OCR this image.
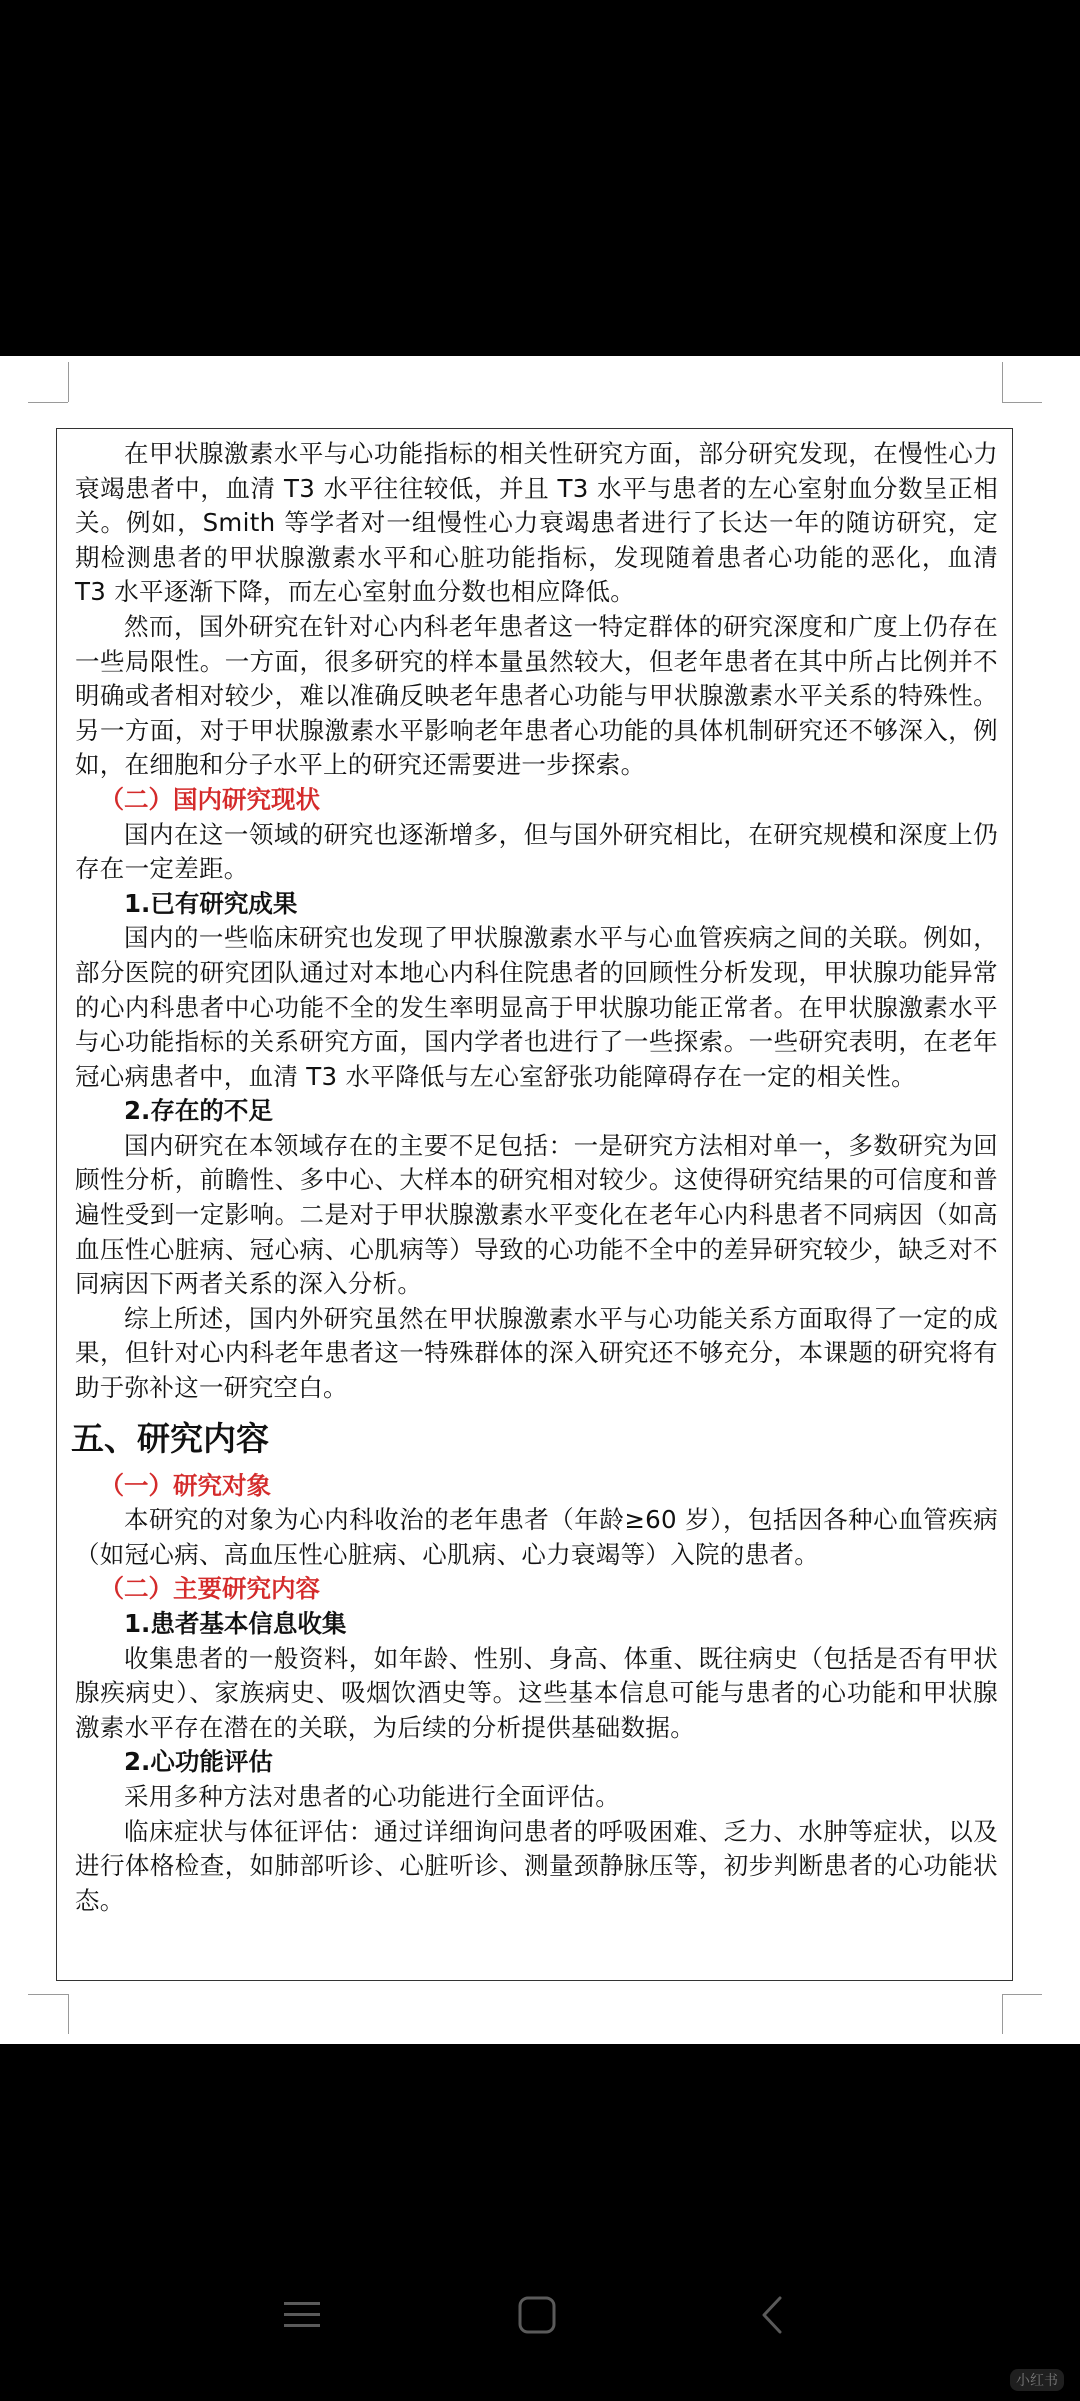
在甲状腺激素水平与心功能指标的相关性研究方面，部分研究发现，在慢性心力衰竭患者中，血清 T3 水平往往较低，并且 T3 水平与患者的左心室射血分数呈正相关。例如，Smith 等学者对一组慢性心力衰竭患者进行了长达一年的随访研究，定期检测患者的甲状腺激素水平和心脏功能指标，发现随着患者心功能的恶化，血清 T3 水平逐渐下降，而左心室射血分数也相应降低。

然而，国外研究在针对心内科老年患者这一特定群体的研究深度和广度上仍存在一些局限性。一方面，很多研究的样本量虽然较大，但老年患者在其中所占比例并不明确或者相对较少，难以准确反映老年患者心功能与甲状腺激素水平关系的特殊性。另一方面，对于甲状腺激素水平影响老年患者心功能的具体机制研究还不够深入，例如，在细胞和分子水平上的研究还需要进一步探索。

（二）国内研究现状

国内在这一领域的研究也逐渐增多，但与国外研究相比，在研究规模和深度上仍存在一定差距。

1.已有研究成果

国内的一些临床研究也发现了甲状腺激素水平与心血管疾病之间的关联。例如，部分医院的研究团队通过对本地心内科住院患者的回顾性分析发现，甲状腺功能异常的心内科患者中心功能不全的发生率明显高于甲状腺功能正常者。在甲状腺激素水平与心功能指标的关系研究方面，国内学者也进行了一些探索。一些研究表明，在老年冠心病患者中，血清 T3 水平降低与左心室舒张功能障碍存在一定的相关性。

2.存在的不足

国内研究在本领域存在的主要不足包括：一是研究方法相对单一，多数研究为回顾性分析，前瞻性、多中心、大样本的研究相对较少。这使得研究结果的可信度和普遍性受到一定影响。二是对于甲状腺激素水平变化在老年心内科患者不同病因（如高血压性心脏病、冠心病、心肌病等）导致的心功能不全中的差异研究较少，缺乏对不同病因下两者关系的深入分析。

综上所述，国内外研究虽然在甲状腺激素水平与心功能关系方面取得了一定的成果，但针对心内科老年患者这一特殊群体的深入研究还不够充分，本课题的研究将有助于弥补这一研究空白。

五、研究内容

（一）研究对象

本研究的对象为心内科收治的老年患者（年龄≥60 岁），包括因各种心血管疾病（如冠心病、高血压性心脏病、心肌病、心力衰竭等）入院的患者。

（二）主要研究内容

1.患者基本信息收集

收集患者的一般资料，如年龄、性别、身高、体重、既往病史（包括是否有甲状腺疾病史）、家族病史、吸烟饮酒史等。这些基本信息可能与患者的心功能和甲状腺激素水平存在潜在的关联，为后续的分析提供基础数据。

2.心功能评估

采用多种方法对患者的心功能进行全面评估。

临床症状与体征评估：通过详细询问患者的呼吸困难、乏力、水肿等症状，以及进行体格检查，如肺部听诊、心脏听诊、测量颈静脉压等，初步判断患者的心功能状态。

小红书
